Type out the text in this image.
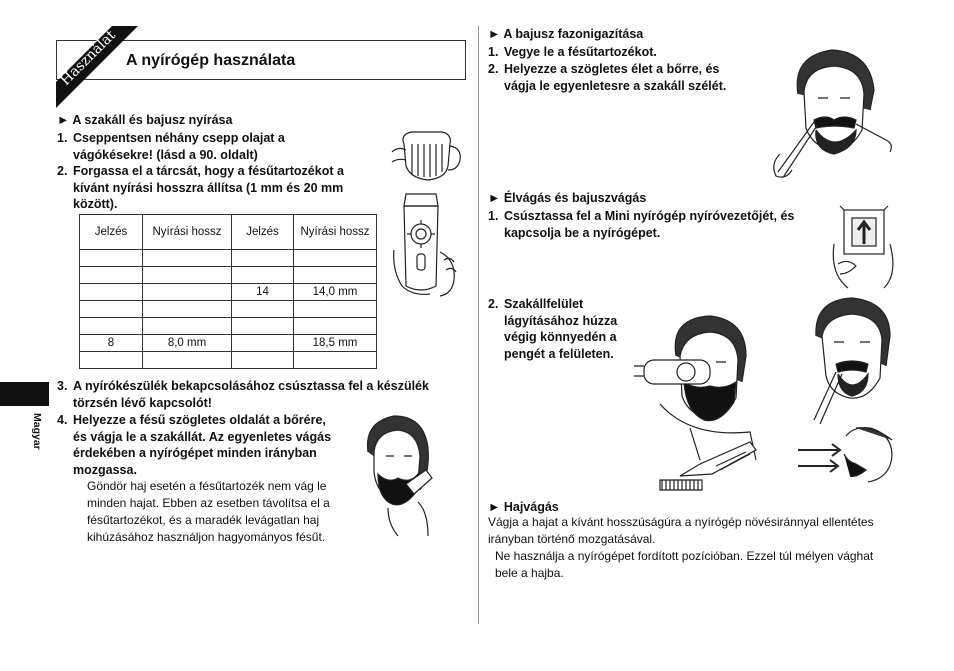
Használat A nyírógép használata
► A szakáll és bajusz nyírása
1. Cseppentsen néhány csepp olajat a
vágókésekre! (lásd a 90. oldalt)
2. Forgassa el a tárcsát, hogy a fésűtartozékot a
kívánt nyírási hosszra állítsa (1 mm és 20 mm
között).
Jelzés	Nyírási hossz	Jelzés	Nyírási hossz

		14	14,0 mm

8	8,0 mm		18,5 mm

3. A nyírókészülék bekapcsolásához csúsztassa fel a készülék
törzsén lévő kapcsolót!
4. Helyezze a fésű szögletes oldalát a bőrére,
és vágja le a szakállát. Az egyenletes vágás
érdekében a nyírógépet minden irányban
mozgassa.
Göndör haj esetén a fésűtartozék nem vág le
minden hajat. Ebben az esetben távolítsa el a
fésűtartozékot, és a maradék levágatlan haj
kihúzásához használjon hagyományos fésűt.
Magyar
► A bajusz fazonigazítása
1. Vegye le a fésűtartozékot.
2. Helyezze a szögletes élet a bőrre, és
vágja le egyenletesre a szakáll szélét.
► Élvágás és bajuszvágás
1. Csúsztassa fel a Mini nyírógép nyíróvezetőjét, és
kapcsolja be a nyírógépet.
2. Szakállfelület
lágyításához húzza
végig könnyedén a
pengét a felületen.
► Hajvágás
Vágja a hajat a kívánt hosszúságúra a nyírógép növésiránnyal ellentétes
irányban történő mozgatásával.
Ne használja a nyírógépet fordított pozícióban. Ezzel túl mélyen vághat
bele a hajba.
